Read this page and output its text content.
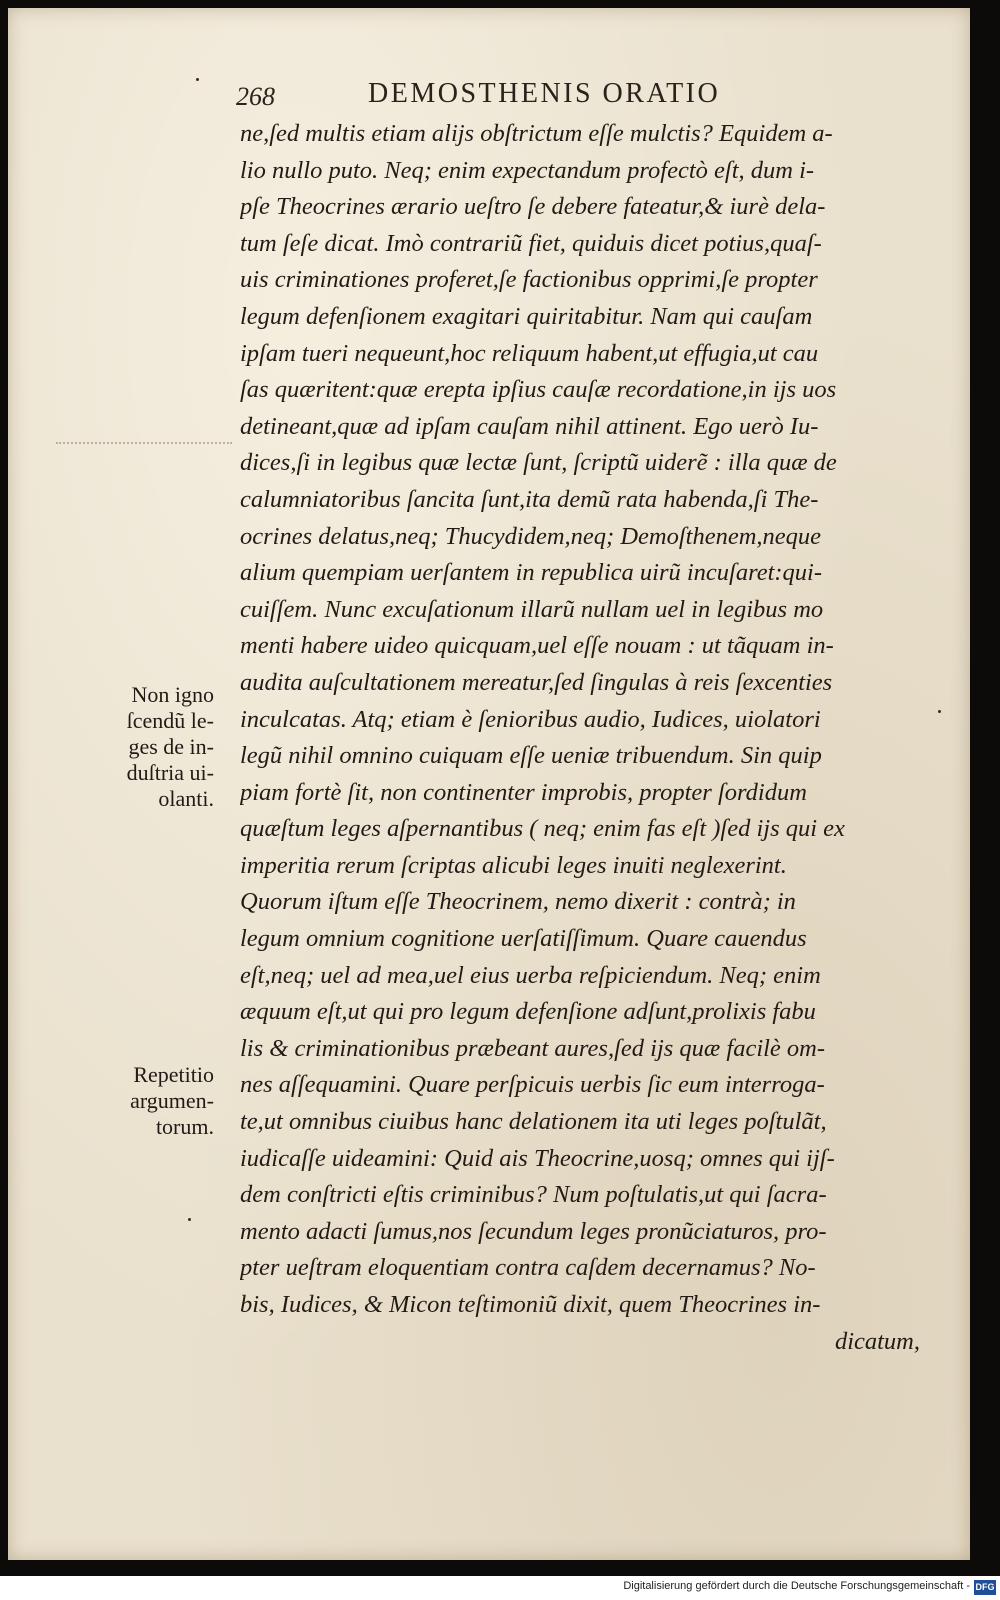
268	DEMOSTHENIS ORATIO
Non igno
ſcendũ le-
ges de in-
duſtria ui-
olanti.
Repetitio
argumen-
torum.
ne,ſed multis etiam alijs obſtrictum eſſe mulctis? Equidem a-
lio nullo puto. Neq; enim expectandum profectò eſt, dum i-
pſe Theocrines ærario ueſtro ſe debere fateatur,& iurè dela-
tum ſeſe dicat. Imò contrariũ fiet, quiduis dicet potius,quaſ-
uis criminationes proferet,ſe factionibus opprimi,ſe propter
legum defenſionem exagitari quiritabitur. Nam qui cauſam
ipſam tueri nequeunt,hoc reliquum habent,ut effugia,ut cau
ſas quæritent:quæ erepta ipſius cauſæ recordatione,in ijs uos
detineant,quæ ad ipſam cauſam nihil attinent. Ego uerò Iu-
dices,ſi in legibus quæ lectæ ſunt, ſcriptũ uiderẽ : illa quæ de
calumniatoribus ſancita ſunt,ita demũ rata habenda,ſi The-
ocrines delatus,neq; Thucydidem,neq; Demoſthenem,neque
alium quempiam uerſantem in republica uirũ incuſaret:qui-
cuiſſem. Nunc excuſationum illarũ nullam uel in legibus mo
menti habere uideo quicquam,uel eſſe nouam : ut tãquam in-
audita auſcultationem mereatur,ſed ſingulas à reis ſexcenties
inculcatas. Atq; etiam è ſenioribus audio, Iudices, uiolatori
legũ nihil omnino cuiquam eſſe ueniæ tribuendum. Sin quip
piam fortè ſit, non continenter improbis, propter ſordidum
quæſtum leges aſpernantibus ( neq; enim fas eſt )ſed ijs qui ex
imperitia rerum ſcriptas alicubi leges inuiti neglexerint.
Quorum iſtum eſſe Theocrinem, nemo dixerit : contrà; in
legum omnium cognitione uerſatiſſimum. Quare cauendus
eſt,neq; uel ad mea,uel eius uerba reſpiciendum. Neq; enim
æquum eſt,ut qui pro legum defenſione adſunt,prolixis fabu
lis & criminationibus præbeant aures,ſed ijs quæ facilè om-
nes aſſequamini. Quare perſpicuis uerbis ſic eum interroga-
te,ut omnibus ciuibus hanc delationem ita uti leges poſtulãt,
iudicaſſe uideamini: Quid ais Theocrine,uosq; omnes qui ijſ-
dem conſtricti eſtis criminibus? Num poſtulatis,ut qui ſacra-
mento adacti ſumus,nos ſecundum leges pronũciaturos, pro-
pter ueſtram eloquentiam contra caſdem decernamus? No-
bis, Iudices, & Micon teſtimoniũ dixit, quem Theocrines in-
dicatum,
Digitalisierung gefördert durch die Deutsche Forschungsgemeinschaft - DFG
